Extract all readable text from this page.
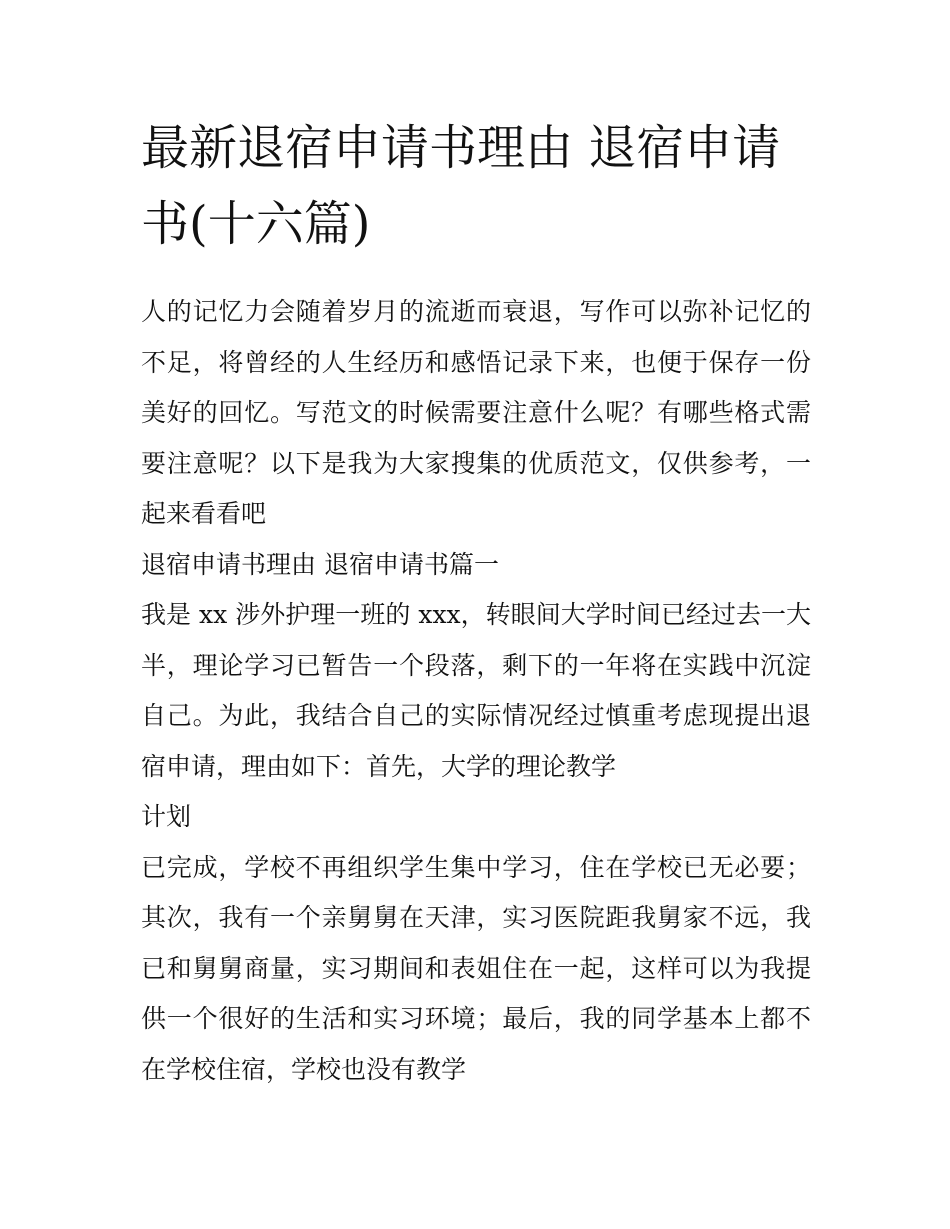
最新退宿申请书理由 退宿申请书(十六篇)

人的记忆力会随着岁月的流逝而衰退，写作可以弥补记忆的不足，将曾经的人生经历和感悟记录下来，也便于保存一份美好的回忆。写范文的时候需要注意什么呢？有哪些格式需要注意呢？以下是我为大家搜集的优质范文，仅供参考，一起来看看吧

退宿申请书理由 退宿申请书篇一

我是 xx 涉外护理一班的 xxx，转眼间大学时间已经过去一大半，理论学习已暂告一个段落，剩下的一年将在实践中沉淀自己。为此，我结合自己的实际情况经过慎重考虑现提出退宿申请，理由如下：首先，大学的理论教学

计划

已完成，学校不再组织学生集中学习，住在学校已无必要；其次，我有一个亲舅舅在天津，实习医院距我舅家不远，我已和舅舅商量，实习期间和表姐住在一起，这样可以为我提供一个很好的生活和实习环境；最后，我的同学基本上都不在学校住宿，学校也没有教学
